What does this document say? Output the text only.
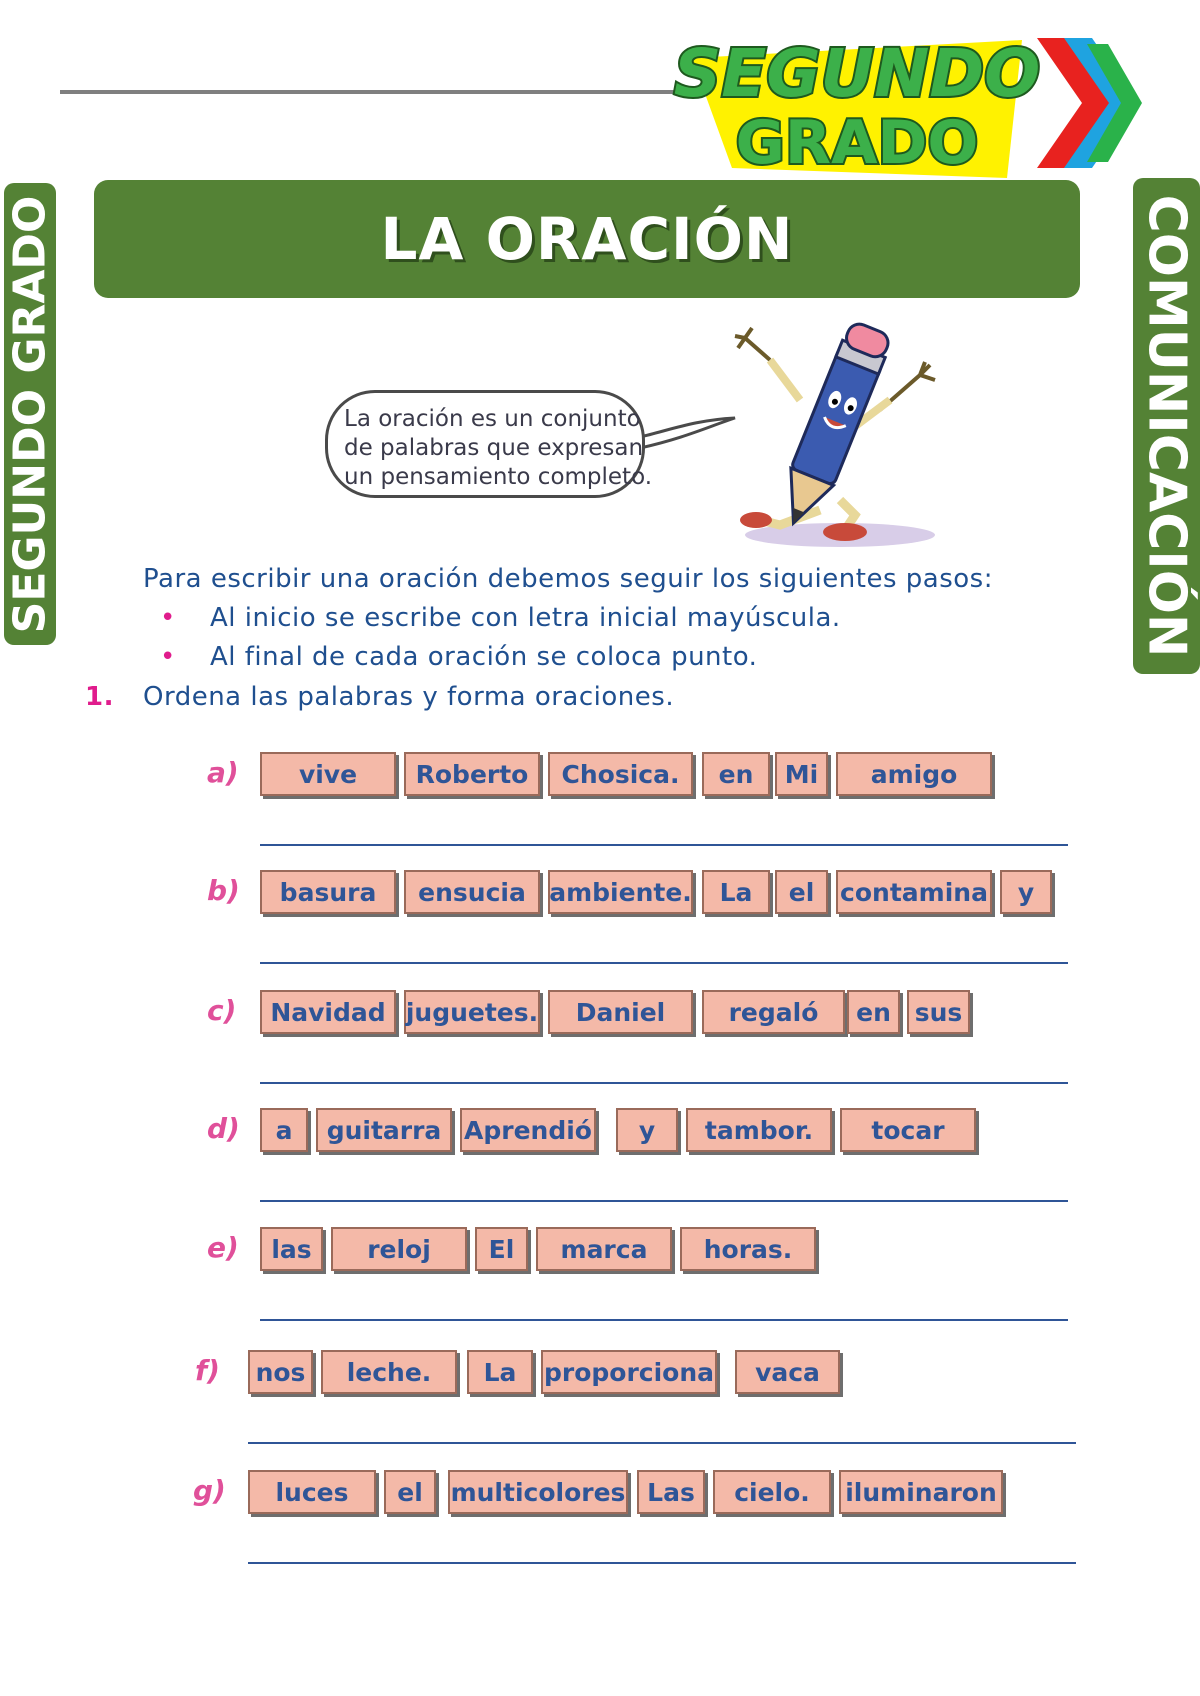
SEGUNDO
GRADO
SEGUNDO GRADO	COMUNICACIÓN
LA ORACIÓN
La oración es un conjunto
de palabras que expresan
un pensamiento completo.
Para escribir una oración debemos seguir los siguientes pasos:
• Al inicio se escribe con letra inicial mayúscula.
• Al final de cada oración se coloca punto.
1. Ordena las palabras y forma oraciones.
a)	vive	Roberto	Chosica.	en	Mi	amigo
b)	basura	ensucia ambiente.	La	el	contamina	y
c)	Navidad juguetes.	Daniel	regaló	en sus
d)	a	guitarra Aprendió	y	tambor.	tocar
e)	las	reloj	El	marca	horas.
f)	nos	leche.	La	proporciona	vaca
g)	luces	el	multicolores Las	cielo.	iluminaron
